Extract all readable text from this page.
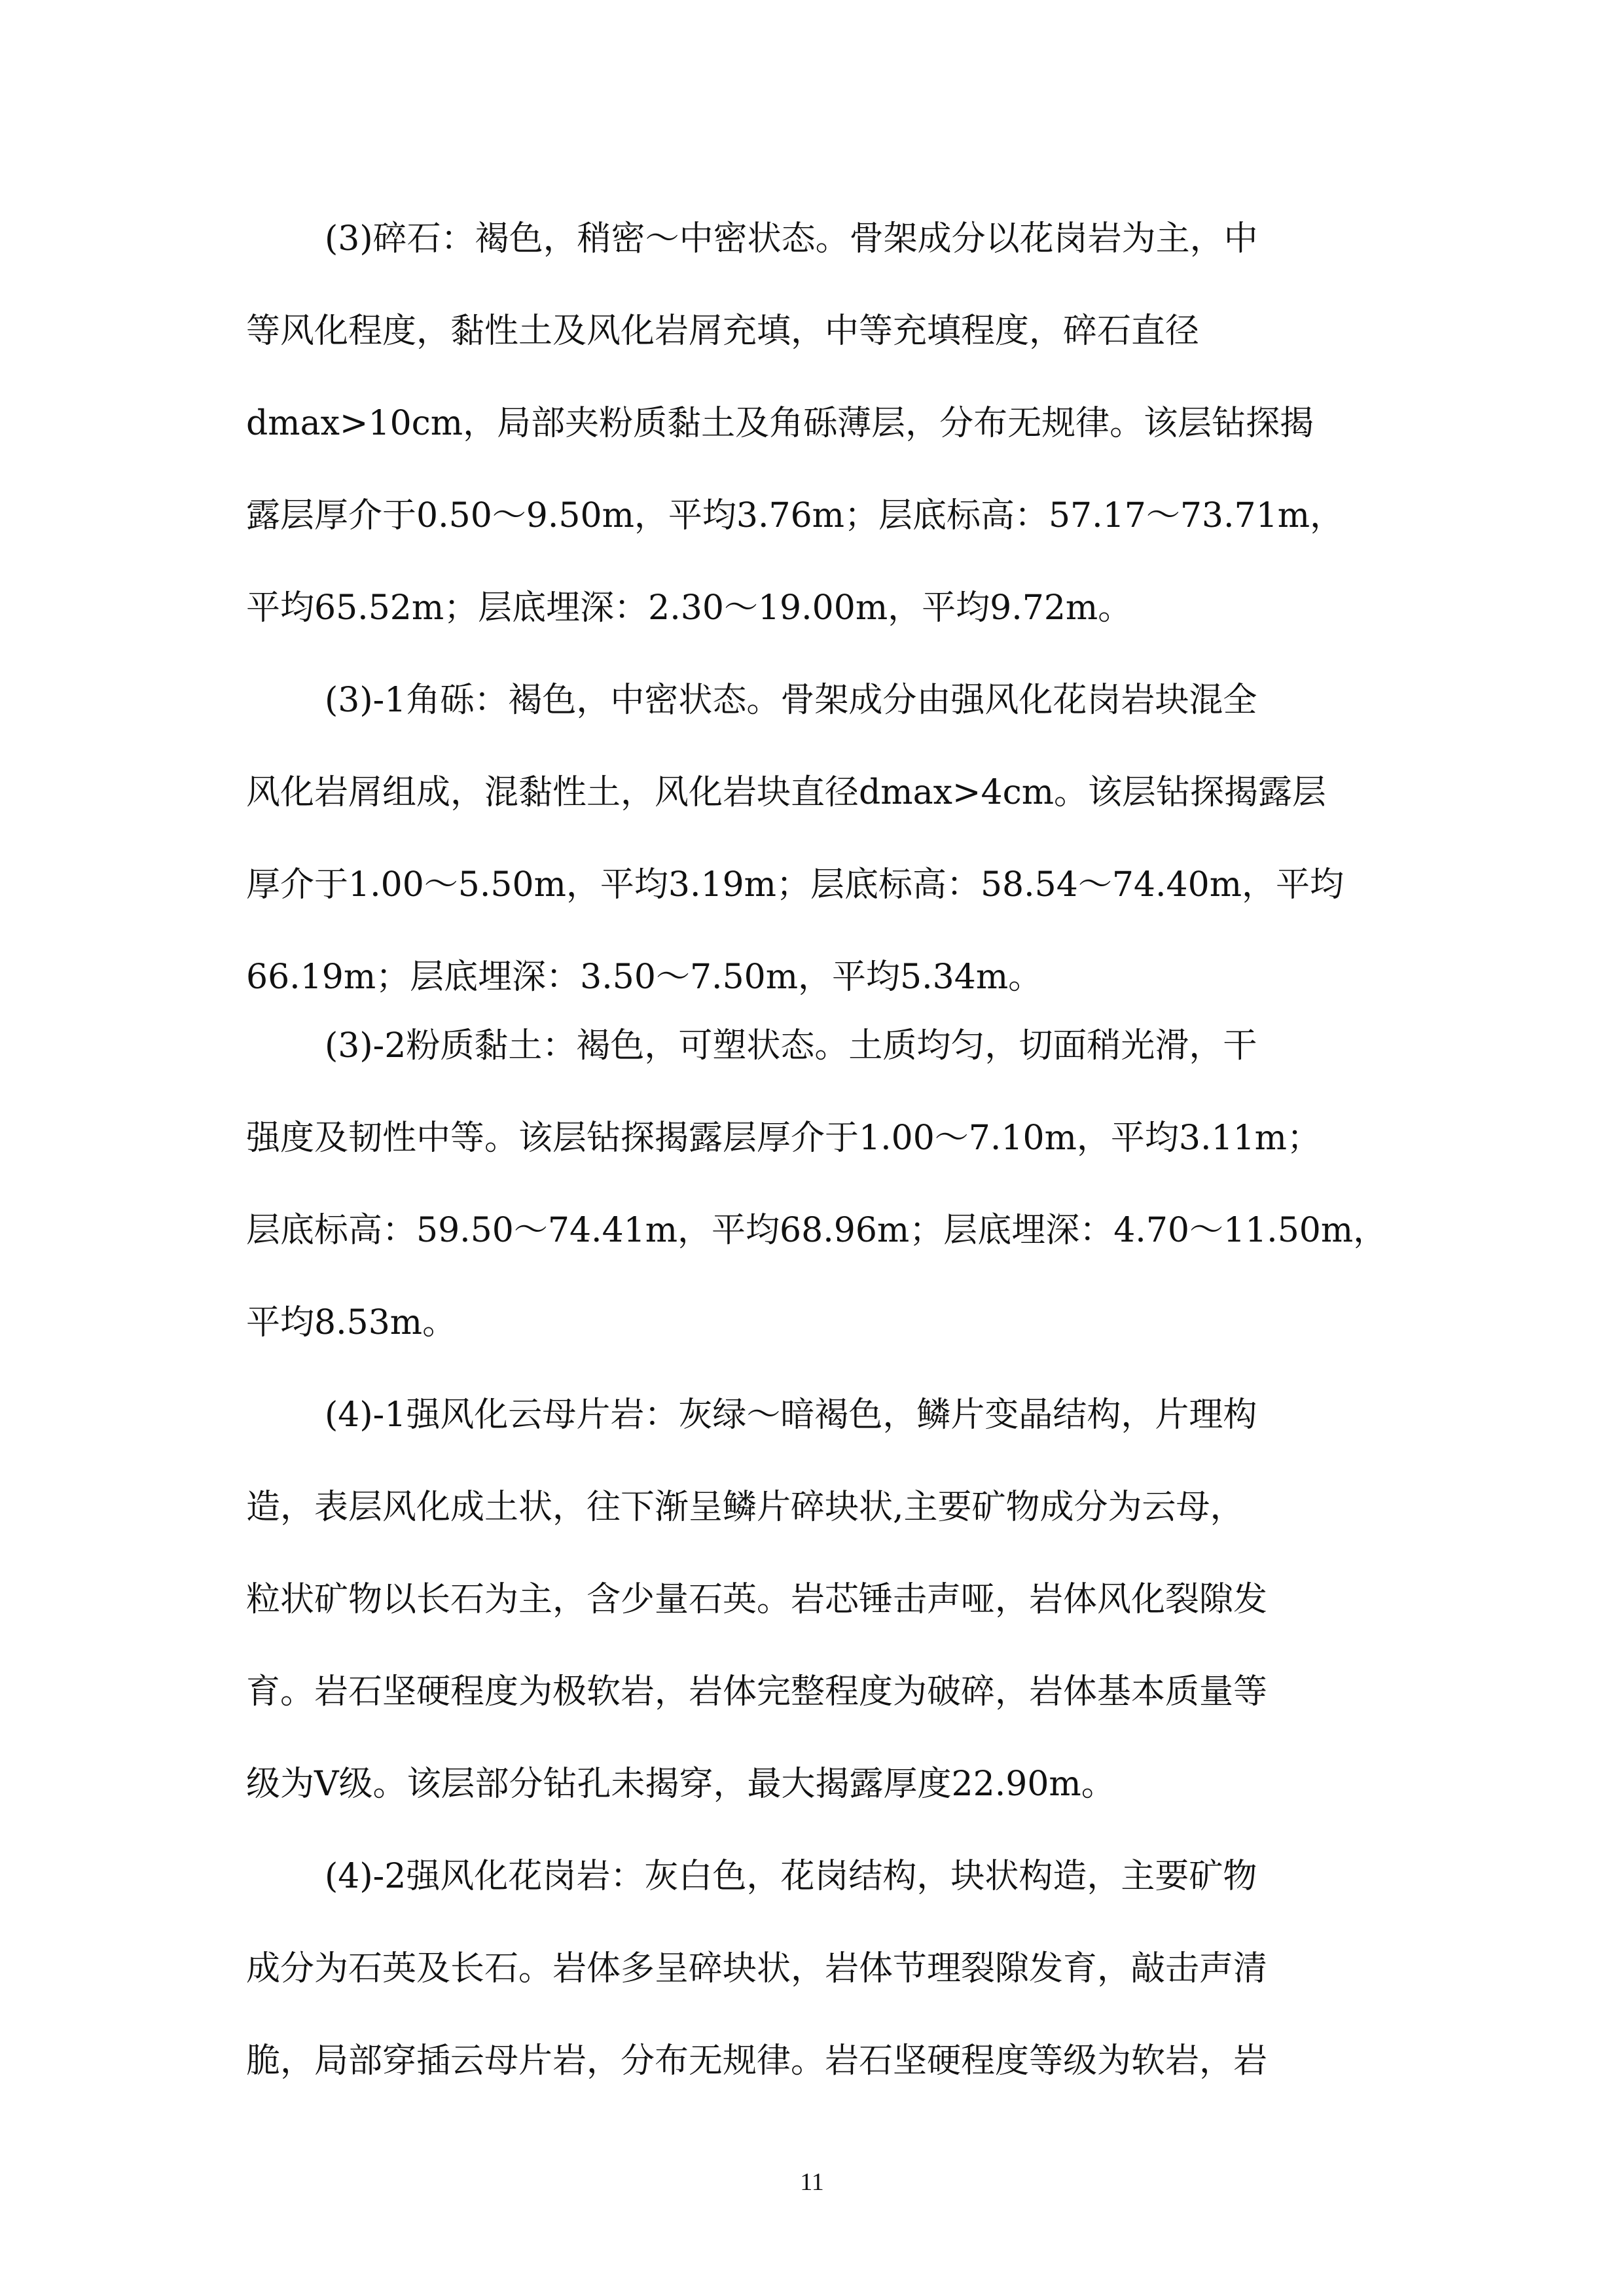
(3)碎石：褐色，稍密～中密状态。骨架成分以花岗岩为主，中
等风化程度，黏性土及风化岩屑充填，中等充填程度，碎石直径
dmax>10cm，局部夹粉质黏土及角砾薄层，分布无规律。该层钻探揭
露层厚介于0.50～9.50m，平均3.76m；层底标高：57.17～73.71m，
平均65.52m；层底埋深：2.30～19.00m，平均9.72m。
(3)-1角砾：褐色，中密状态。骨架成分由强风化花岗岩块混全
风化岩屑组成，混黏性土，风化岩块直径dmax>4cm。该层钻探揭露层
厚介于1.00～5.50m，平均3.19m；层底标高：58.54～74.40m，平均
66.19m；层底埋深：3.50～7.50m，平均5.34m。
(3)-2粉质黏土：褐色，可塑状态。土质均匀，切面稍光滑，干
强度及韧性中等。该层钻探揭露层厚介于1.00～7.10m，平均3.11m；
层底标高：59.50～74.41m，平均68.96m；层底埋深：4.70～11.50m，
平均8.53m。
(4)-1强风化云母片岩：灰绿～暗褐色，鳞片变晶结构，片理构
造，表层风化成土状，往下渐呈鳞片碎块状,主要矿物成分为云母，
粒状矿物以长石为主，含少量石英。岩芯锤击声哑，岩体风化裂隙发
育。岩石坚硬程度为极软岩，岩体完整程度为破碎，岩体基本质量等
级为Ⅴ级。该层部分钻孔未揭穿，最大揭露厚度22.90m。
(4)-2强风化花岗岩：灰白色，花岗结构，块状构造，主要矿物
成分为石英及长石。岩体多呈碎块状，岩体节理裂隙发育，敲击声清
脆，局部穿插云母片岩，分布无规律。岩石坚硬程度等级为软岩，岩
11
